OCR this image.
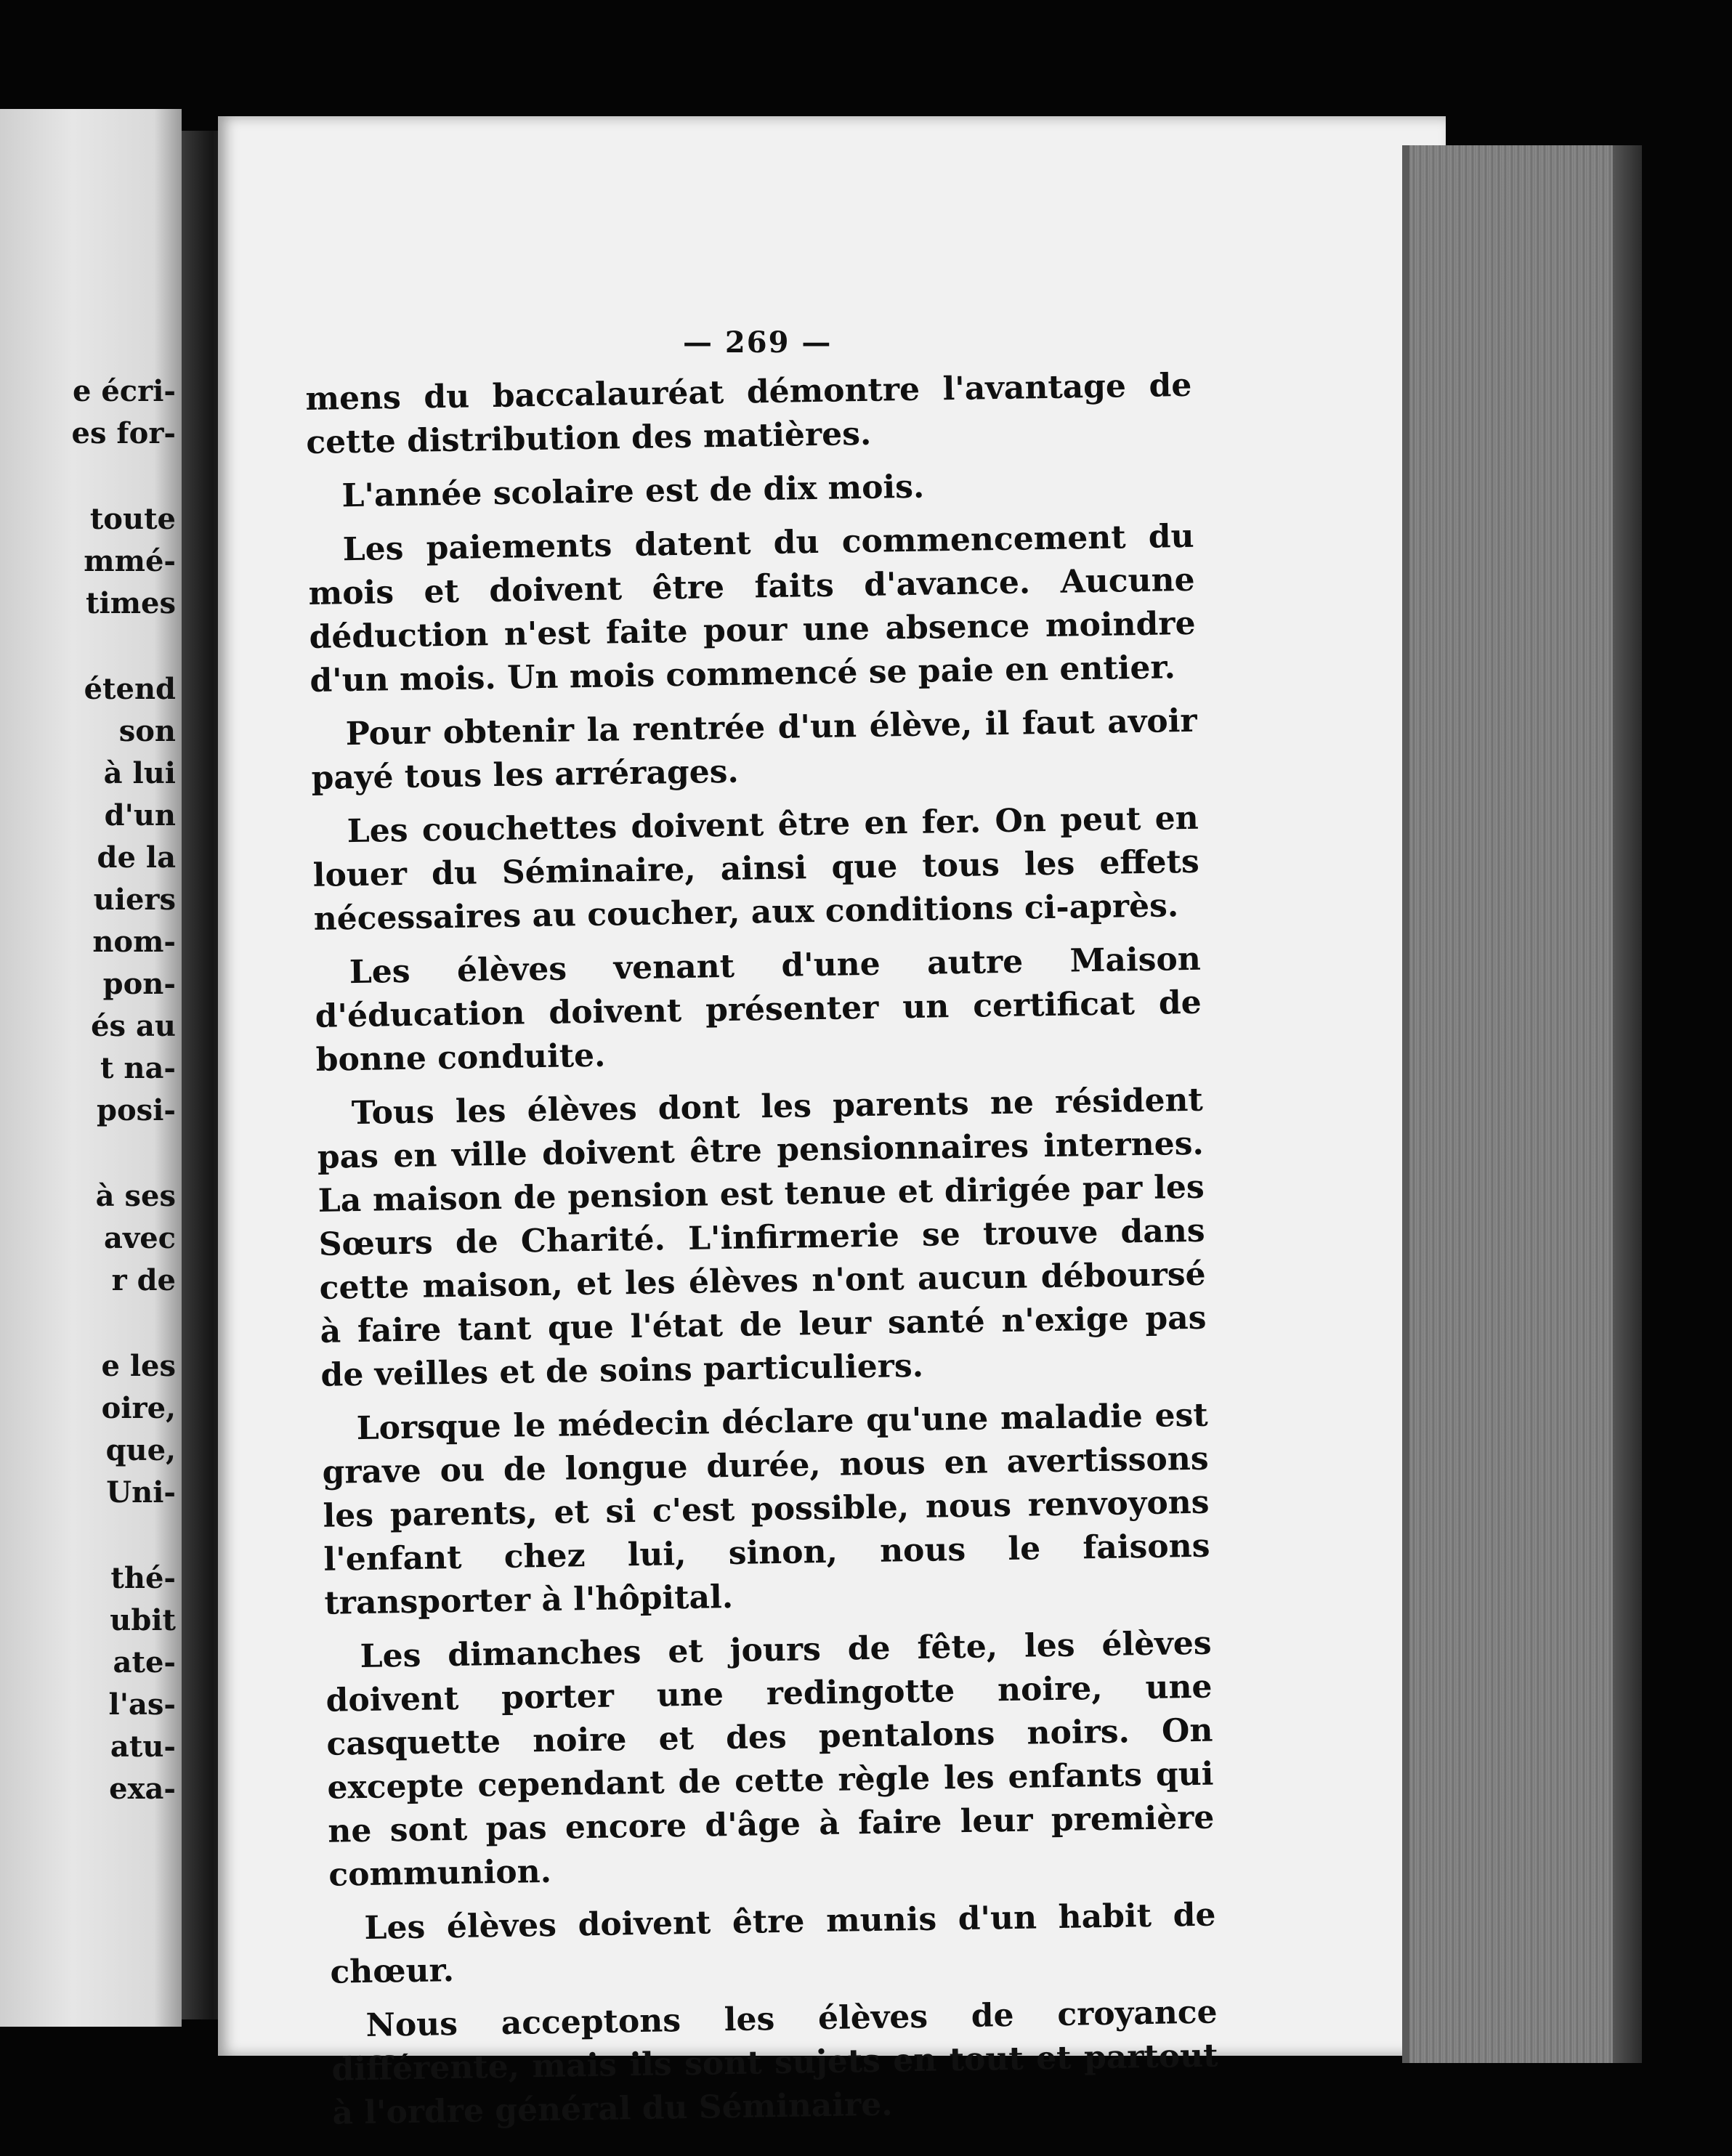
e écri-
es for-
toute
mmé-
times
étend
son
à lui
d'un
de la
uiers
nom-
pon-
és au
t na-
posi-
à ses
avec
r de
e les
oire,
que,
Uni-
thé-
ubit
ate-
l'as-
atu-
exa-
— 269 —

mens du baccalauréat démontre l'avantage de cette distribution des matières.

L'année scolaire est de dix mois.

Les paiements datent du commencement du mois et doivent être faits d'avance. Aucune déduction n'est faite pour une absence moindre d'un mois. Un mois commencé se paie en entier.

Pour obtenir la rentrée d'un élève, il faut avoir payé tous les arrérages.

Les couchettes doivent être en fer. On peut en louer du Séminaire, ainsi que tous les effets nécessaires au coucher, aux conditions ci-après.

Les élèves venant d'une autre Maison d'éducation doivent présenter un certificat de bonne conduite.

Tous les élèves dont les parents ne résident pas en ville doivent être pensionnaires internes. La maison de pension est tenue et dirigée par les Sœurs de Charité. L'infirmerie se trouve dans cette maison, et les élèves n'ont aucun déboursé à faire tant que l'état de leur santé n'exige pas de veilles et de soins particuliers.

Lorsque le médecin déclare qu'une maladie est grave ou de longue durée, nous en avertissons les parents, et si c'est possible, nous renvoyons l'enfant chez lui, sinon, nous le faisons transporter à l'hôpital.

Les dimanches et jours de fête, les élèves doivent porter une redingotte noire, une casquette noire et des pentalons noirs. On excepte cependant de cette règle les enfants qui ne sont pas encore d'âge à faire leur première communion.

Les élèves doivent être munis d'un habit de chœur.

Nous acceptons les élèves de croyance différente, mais ils sont sujets en tout et partout à l'ordre général du Séminaire.
